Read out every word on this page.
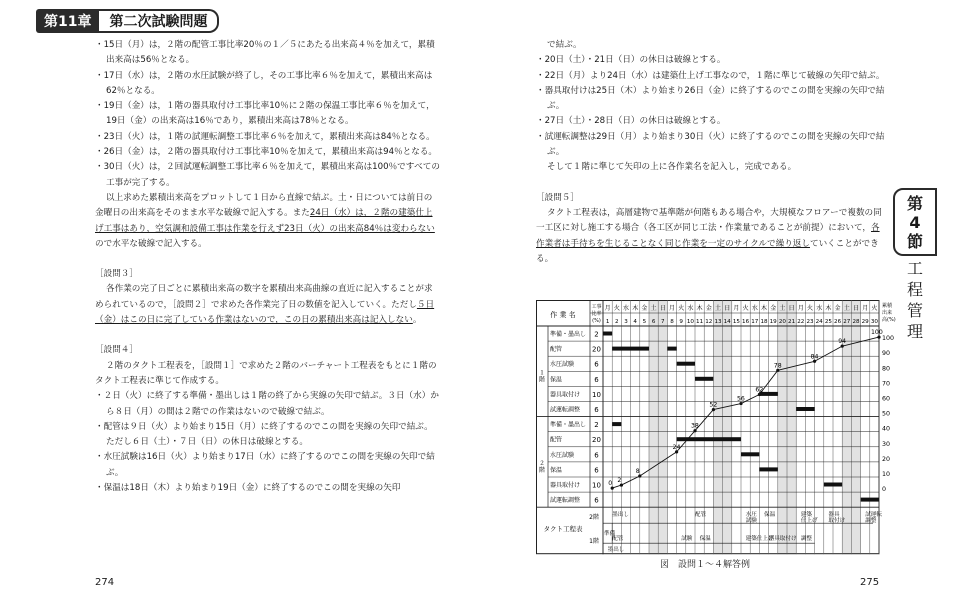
第11章	第二次試験問題

・15日（月）は，２階の配管工事比率20％の１／５にあたる出来高４％を加えて，累積出来高は56％となる。

・17日（水）は，２階の水圧試験が終了し，その工事比率６％を加えて，累積出来高は62％となる。

・19日（金）は，１階の器具取付け工事比率10％に２階の保温工事比率６％を加えて，19日（金）の出来高は16％であり，累積出来高は78％となる。

・23日（火）は，１階の試運転調整工事比率６％を加えて，累積出来高は84％となる。

・26日（金）は，２階の器具取付け工事比率10％を加えて，累積出来高は94％となる。

・30日（火）は，２回試運転調整工事比率６％を加えて，累積出来高は100％ですべての工事が完了する。

以上求めた累積出来高をプロットして１日から直線で結ぶ。土・日については前日の金曜日の出来高をそのまま水平な破線で記入する。また24日（水）は，２階の建築仕上げ工事はあり，空気調和設備工事は作業を行えず23日（火）の出来高84％は変わらないので水平な破線で記入する。

［設問３］

各作業の完了日ごとに累積出来高の数字を累積出来高曲線の直近に記入することが求められているので，［設問２］で求めた各作業完了日の数値を記入していく。ただし５日（金）はこの日に完了している作業はないので，この日の累積出来高は記入しない。

［設問４］

２階のタクト工程表を，［設問１］で求めた２階のバーチャート工程表をもとに１階のタクト工程表に準じて作成する。

・２日（火）に終了する準備・墨出しは１階の終了から実線の矢印で結ぶ。３日（水）から８日（月）の間は２階での作業はないので破線で結ぶ。

・配管は９日（火）より始まり15日（月）に終了するのでこの間を実線の矢印で結ぶ。ただし６日（土）・７日（日）の休日は破線とする。

・水圧試験は16日（火）より始まり17日（水）に終了するのでこの間を実線の矢印で結ぶ。

・保温は18日（木）より始まり19日（金）に終了するのでこの間を実線の矢印

274

で結ぶ。

・20日（土）・21日（日）の休日は破線とする。

・22日（月）より24日（水）は建築仕上げ工事なので，１階に準じて破線の矢印で結ぶ。

・器具取付けは25日（木）より始まり26日（金）に終了するのでこの間を実線の矢印で結ぶ。

・27日（土）・28日（日）の休日は破線とする。

・試運転調整は29日（月）より始まり30日（火）に終了するのでこの間を実線の矢印で結ぶ。

そして１階に準じて矢印の上に各作業名を記入し，完成である。

［設問５］

タクト工程表は，高層建物で基準階が何階もある場合や，大規模なフロアーで複数の同一工区に対し施工する場合（各工区が同じ工法・作業量であることが前提）において，各作業者は手待ちを生じることなく同じ作業を一定のサイクルで繰り返していくことができる。

第
4
節
工
程
管
理
作 業 名
工事
比率
(%)
累積
出来
高(%)
月 火 水 木 金 土 日 月 火 水 木 金 土 日 月 火 水 木 金 土 日 月 火 水 木 金 土 日 月 火
1 2 3 4 5 6 7 8 9 10 11 12 13 14 15 16 17 18 19 20 21 22 23 24 25 26 27 28 29 30
１
階
２
階
準備・墨出し 2
配管	20
水圧試験	6
保温	6
器具取付け 10
試運転調整 6
準備・墨出し 2
配管	20
水圧試験	6
保温	6
器具取付け 10
試運転調整 6
100
90
80
70
60
50
40
30
20
10
0
0 2
8
24
38
52
56
62
78
84
94
100
タクト工程表
2階
1階
墨出し	配管	水圧 保温	建築	器具	試運転
試験	仕上げ 取付け	調整
配管
墨出し
試験 保温	建築仕上げ
器具取付け 調整
準備
図　設問１～４解答例
275
